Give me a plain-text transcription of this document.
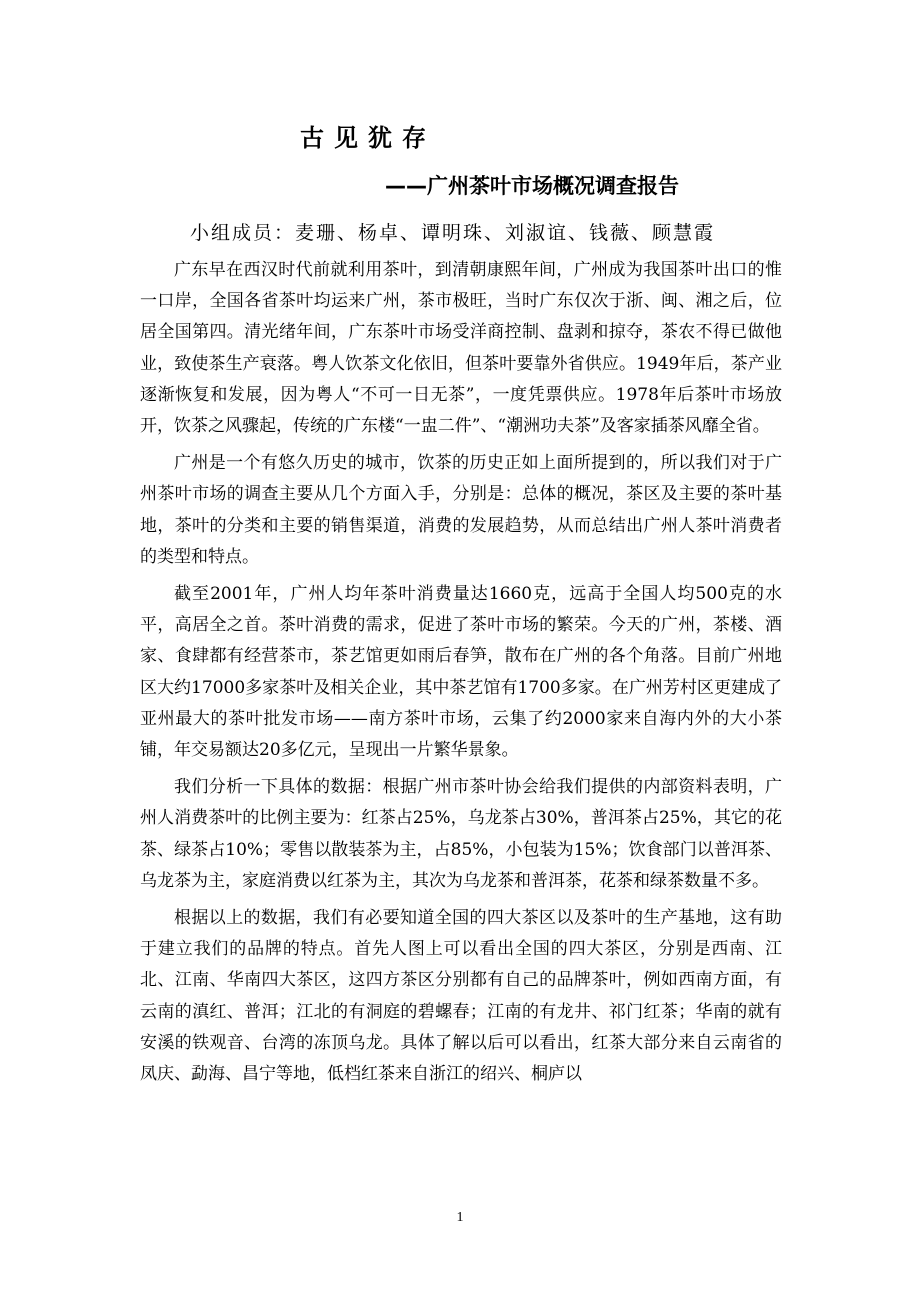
古见犹存
——广州茶叶市场概况调查报告
小组成员：麦珊、杨卓、谭明珠、刘淑谊、钱薇、顾慧霞

广东早在西汉时代前就利用茶叶，到清朝康熙年间，广州成为我国茶叶出口的惟一口岸，全国各省茶叶均运来广州，茶市极旺，当时广东仅次于浙、闽、湘之后，位居全国第四。清光绪年间，广东茶叶市场受洋商控制、盘剥和掠夺，茶农不得已做他业，致使茶生产衰落。粤人饮茶文化依旧，但茶叶要靠外省供应。1949年后，茶产业逐渐恢复和发展，因为粤人“不可一日无茶”，一度凭票供应。1978年后茶叶市场放开，饮茶之风骤起，传统的广东楼“一盅二件”、“潮洲功夫茶”及客家插茶风靡全省。

广州是一个有悠久历史的城市，饮茶的历史正如上面所提到的，所以我们对于广州茶叶市场的调查主要从几个方面入手，分别是：总体的概况，茶区及主要的茶叶基地，茶叶的分类和主要的销售渠道，消费的发展趋势，从而总结出广州人茶叶消费者的类型和特点。

截至2001年，广州人均年茶叶消费量达1660克，远高于全国人均500克的水平，高居全之首。茶叶消费的需求，促进了茶叶市场的繁荣。今天的广州，茶楼、酒家、食肆都有经营茶市，茶艺馆更如雨后春笋，散布在广州的各个角落。目前广州地区大约17000多家茶叶及相关企业，其中茶艺馆有1700多家。在广州芳村区更建成了亚州最大的茶叶批发市场——南方茶叶市场，云集了约2000家来自海内外的大小茶铺，年交易额达20多亿元，呈现出一片繁华景象。

我们分析一下具体的数据：根据广州市茶叶协会给我们提供的内部资料表明，广州人消费茶叶的比例主要为：红茶占25%，乌龙茶占30%，普洱茶占25%，其它的花茶、绿茶占10%；零售以散装茶为主，占85%，小包装为15%；饮食部门以普洱茶、乌龙茶为主，家庭消费以红茶为主，其次为乌龙茶和普洱茶，花茶和绿茶数量不多。

根据以上的数据，我们有必要知道全国的四大茶区以及茶叶的生产基地，这有助于建立我们的品牌的特点。首先人图上可以看出全国的四大茶区，分别是西南、江北、江南、华南四大茶区，这四方茶区分别都有自己的品牌茶叶，例如西南方面，有云南的滇红、普洱；江北的有洞庭的碧螺春；江南的有龙井、祁门红茶；华南的就有安溪的铁观音、台湾的冻顶乌龙。具体了解以后可以看出，红茶大部分来自云南省的凤庆、勐海、昌宁等地，低档红茶来自浙江的绍兴、桐庐以

1
